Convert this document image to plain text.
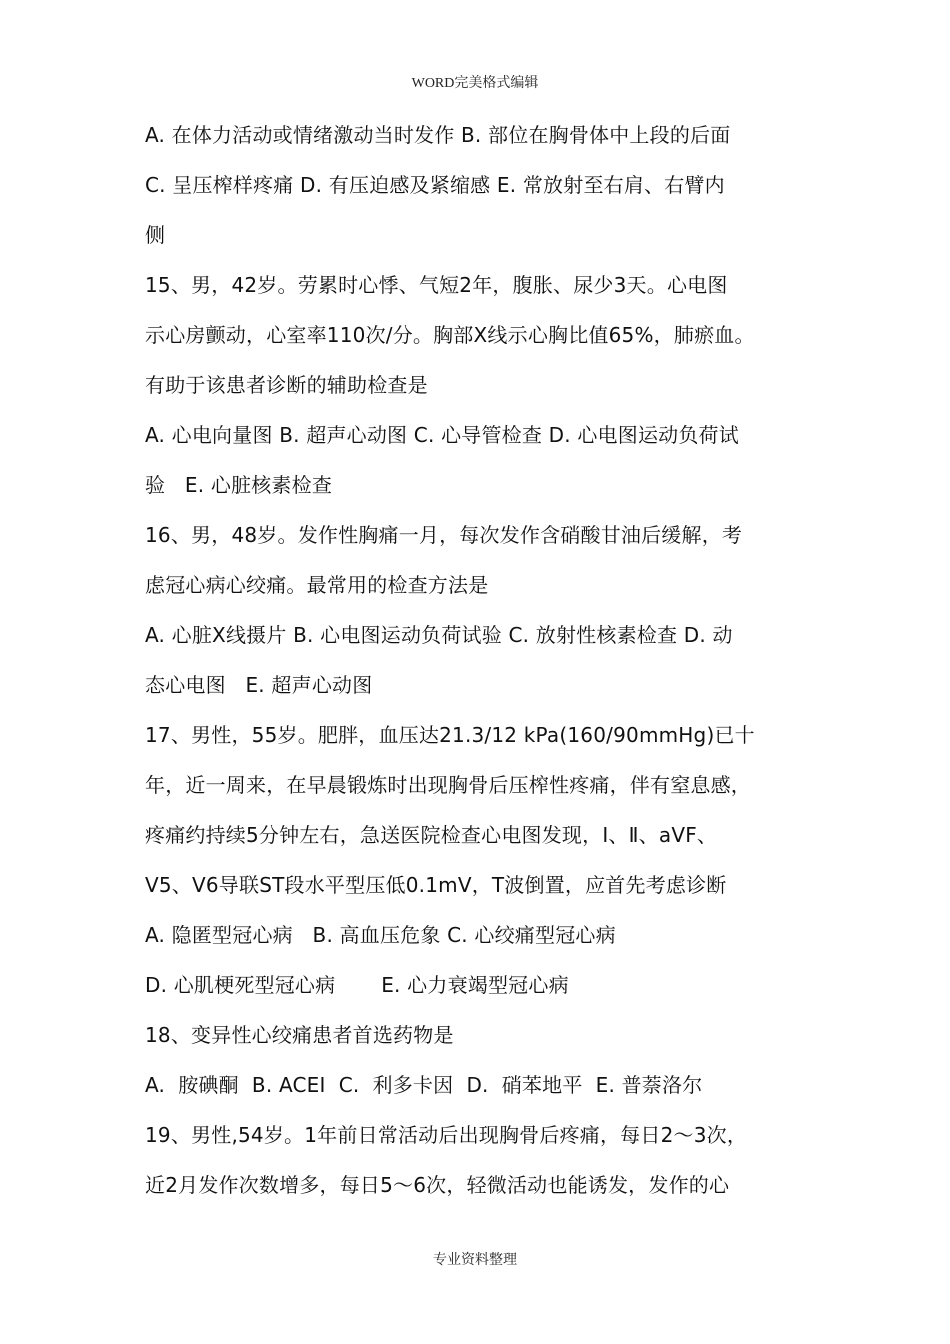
WORD完美格式编辑
A. 在体力活动或情绪激动当时发作 B. 部位在胸骨体中上段的后面
C. 呈压榨样疼痛 D. 有压迫感及紧缩感 E. 常放射至右肩、右臂内
侧
15、男，42岁。劳累时心悸、气短2年，腹胀、尿少3天。心电图
示心房颤动，心室率110次/分。胸部X线示心胸比值65%，肺瘀血。
有助于该患者诊断的辅助检查是
A. 心电向量图 B. 超声心动图 C. 心导管检查 D. 心电图运动负荷试
验   E. 心脏核素检查
16、男，48岁。发作性胸痛一月，每次发作含硝酸甘油后缓解，考
虑冠心病心绞痛。最常用的检查方法是
A. 心脏X线摄片 B. 心电图运动负荷试验 C. 放射性核素检查 D. 动
态心电图   E. 超声心动图
17、男性，55岁。肥胖，血压达21.3/12 kPa(160/90mmHg)已十
年，近一周来，在早晨锻炼时出现胸骨后压榨性疼痛，伴有窒息感，
疼痛约持续5分钟左右，急送医院检查心电图发现，Ⅰ、Ⅱ、aVF、
V5、V6导联ST段水平型压低0.1mV，T波倒置，应首先考虑诊断
A. 隐匿型冠心病   B. 高血压危象 C. 心绞痛型冠心病
D. 心肌梗死型冠心病       E. 心力衰竭型冠心病
18、变异性心绞痛患者首选药物是
A.  胺碘酮  B. ACEI  C.  利多卡因  D.  硝苯地平  E. 普萘洛尔
19、男性,54岁。1年前日常活动后出现胸骨后疼痛，每日2～3次，
近2月发作次数增多，每日5～6次，轻微活动也能诱发，发作的心
专业资料整理
